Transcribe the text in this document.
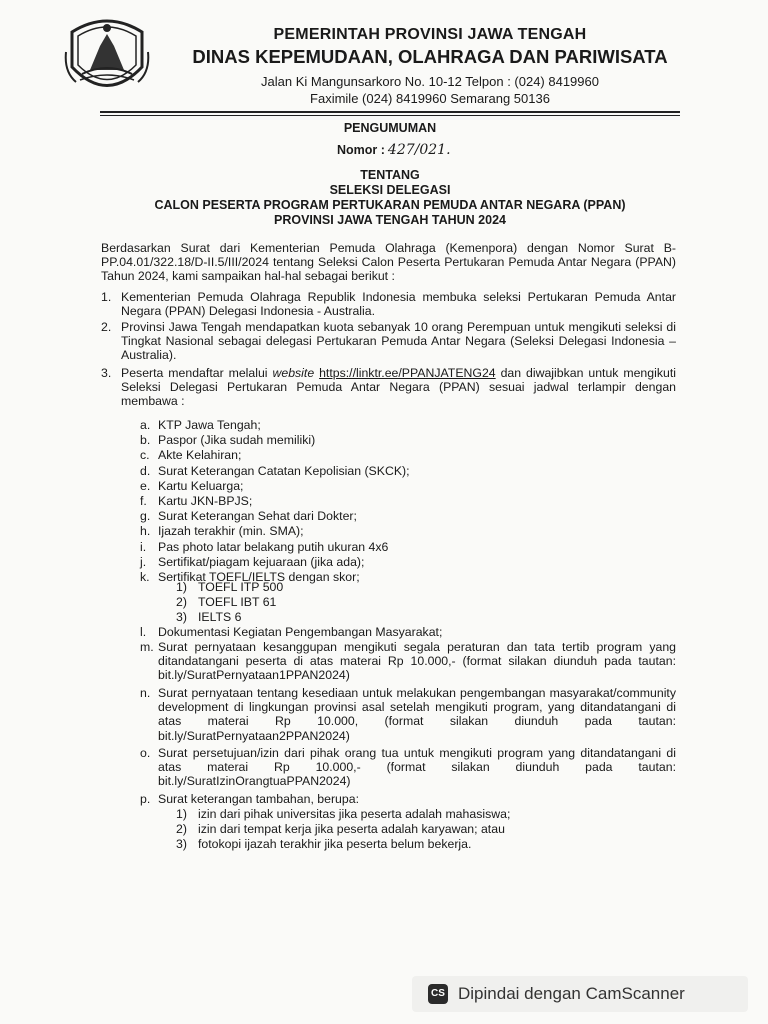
PEMERINTAH PROVINSI JAWA TENGAH
DINAS KEPEMUDAAN, OLAHRAGA DAN PARIWISATA
Jalan Ki Mangunsarkoro No. 10-12 Telpon : (024) 8419960
Faximile (024) 8419960 Semarang 50136
PENGUMUMAN
Nomor : 427/021.
TENTANG
SELEKSI DELEGASI
CALON PESERTA PROGRAM PERTUKARAN PEMUDA ANTAR NEGARA (PPAN)
PROVINSI JAWA TENGAH TAHUN 2024
Berdasarkan Surat dari Kementerian Pemuda Olahraga (Kemenpora) dengan Nomor Surat B-PP.04.01/322.18/D-II.5/III/2024 tentang Seleksi Calon Peserta Pertukaran Pemuda Antar Negara (PPAN) Tahun 2024, kami sampaikan hal-hal sebagai berikut :
1. Kementerian Pemuda Olahraga Republik Indonesia membuka seleksi Pertukaran Pemuda Antar Negara (PPAN) Delegasi Indonesia - Australia.
2. Provinsi Jawa Tengah mendapatkan kuota sebanyak 10 orang Perempuan untuk mengikuti seleksi di Tingkat Nasional sebagai delegasi Pertukaran Pemuda Antar Negara (Seleksi Delegasi Indonesia – Australia).
3. Peserta mendaftar melalui website https://linktr.ee/PPANJATENG24 dan diwajibkan untuk mengikuti Seleksi Delegasi Pertukaran Pemuda Antar Negara (PPAN) sesuai jadwal terlampir dengan membawa :
a. KTP Jawa Tengah;
b. Paspor (Jika sudah memiliki)
c. Akte Kelahiran;
d. Surat Keterangan Catatan Kepolisian (SKCK);
e. Kartu Keluarga;
f. Kartu JKN-BPJS;
g. Surat Keterangan Sehat dari Dokter;
h. Ijazah terakhir (min. SMA);
i. Pas photo latar belakang putih ukuran 4x6
j. Sertifikat/piagam kejuaraan (jika ada);
k. Sertifikat TOEFL/IELTS dengan skor;
1) TOEFL ITP 500
2) TOEFL IBT 61
3) IELTS 6
l. Dokumentasi Kegiatan Pengembangan Masyarakat;
m. Surat pernyataan kesanggupan mengikuti segala peraturan dan tata tertib program yang ditandatangani peserta di atas materai Rp 10.000,- (format silakan diunduh pada tautan: bit.ly/SuratPernyataan1PPAN2024)
n. Surat pernyataan tentang kesediaan untuk melakukan pengembangan masyarakat/community development di lingkungan provinsi asal setelah mengikuti program, yang ditandatangani di atas materai Rp 10.000, (format silakan diunduh pada tautan: bit.ly/SuratPernyataan2PPAN2024)
o. Surat persetujuan/izin dari pihak orang tua untuk mengikuti program yang ditandatangani di atas materai Rp 10.000,- (format silakan diunduh pada tautan: bit.ly/SuratIzinOrangtuaPPAN2024)
p. Surat keterangan tambahan, berupa:
1) izin dari pihak universitas jika peserta adalah mahasiswa;
2) izin dari tempat kerja jika peserta adalah karyawan; atau
3) fotokopi ijazah terakhir jika peserta belum bekerja.
CS Dipindai dengan CamScanner
